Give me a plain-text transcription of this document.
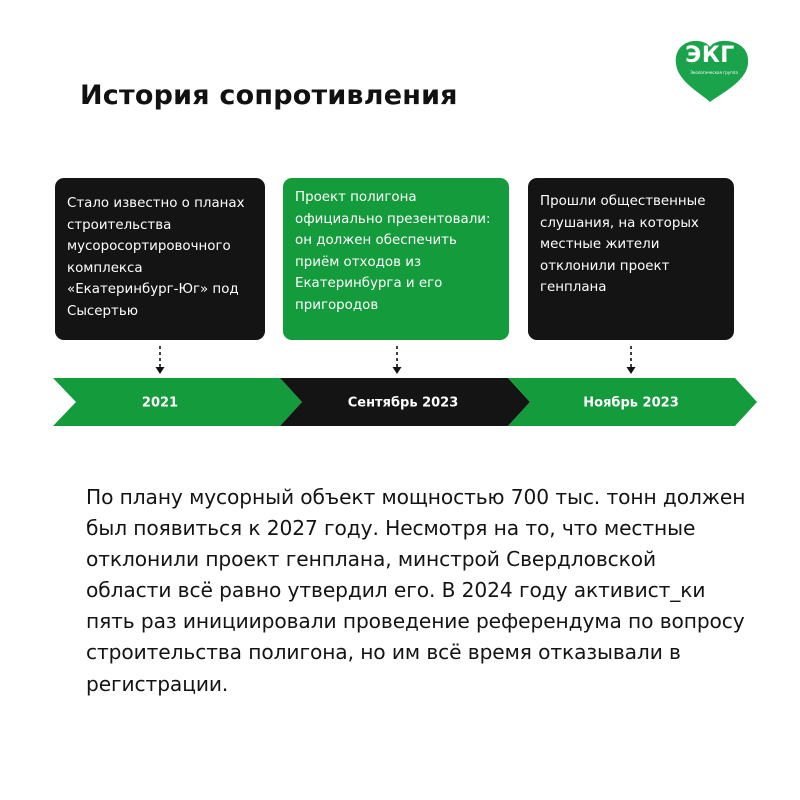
История сопротивления
ЭКГ
Экологическая группа

Стало известно о планах строительства мусоросортировочного комплекса «Екатеринбург-Юг» под Сысертью

Проект полигона официально презентовали: он должен обеспечить приём отходов из Екатеринбурга и его пригородов

Прошли общественные слушания, на которых местные жители отклонили проект генплана

2021	Сентябрь 2023	Ноябрь 2023

По плану мусорный объект мощностью 700 тыс. тонн должен был появиться к 2027 году. Несмотря на то, что местные отклонили проект генплана, минстрой Свердловской области всё равно утвердил его. В 2024 году активист_ки пять раз инициировали проведение референдума по вопросу строительства полигона, но им всё время отказывали в регистрации.
